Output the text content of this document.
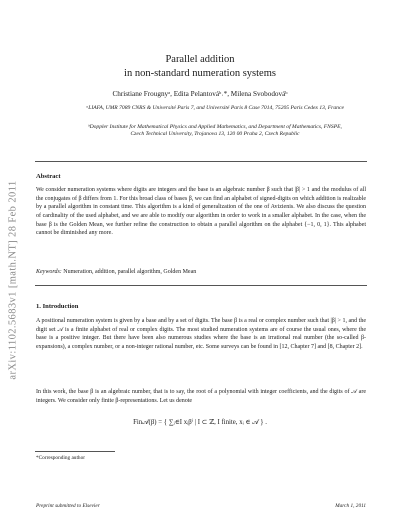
arXiv:1102.5683v1 [math.NT] 28 Feb 2011
Parallel addition
in non-standard numeration systems
Christiane Frougnyᵃ, Edita Pelantováᵇ˒*, Milena Svobodováᵇ
ᵃLIAFA, UMR 7089 CNRS & Université Paris 7, and Université Paris 8 Case 7014, 75205 Paris Cedex 13, France
ᵇDoppler Institute for Mathematical Physics and Applied Mathematics, and Department of Mathematics, FNSPE, Czech Technical University, Trojanova 13, 120 00 Praha 2, Czech Republic
Abstract
We consider numeration systems where digits are integers and the base is an algebraic number β such that |β| > 1 and the modulus of all the conjugates of β differs from 1. For this broad class of bases β, we can find an alphabet of signed-digits on which addition is realizable by a parallel algorithm in constant time. This algorithm is a kind of generalization of the one of Avizienis. We also discuss the question of cardinality of the used alphabet, and we are able to modify our algorithm in order to work in a smaller alphabet. In the case, when the base β is the Golden Mean, we further refine the construction to obtain a parallel algorithm on the alphabet {−1, 0, 1}. This alphabet cannot be diminished any more.
Keywords: Numeration, addition, parallel algorithm, Golden Mean
1. Introduction
A positional numeration system is given by a base and by a set of digits. The base β is a real or complex number such that |β| > 1, and the digit set 𝒜 is a finite alphabet of real or complex digits. The most studied numeration systems are of course the usual ones, where the base is a positive integer. But there have been also numerous studies where the base is an irrational real number (the so-called β-expansions), a complex number, or a non-integer rational number, etc. Some surveys can be found in [12, Chapter 7] and [8, Chapter 2].
In this work, the base β is an algebraic number, that is to say, the root of a polynomial with integer coefficients, and the digits of 𝒜 are integers. We consider only finite β-representations. Let us denote
Fin𝒜(β) = { ∑ᵢ∈I xᵢβⁱ | I ⊂ ℤ, I finite, xᵢ ∈ 𝒜 } .
*Corresponding author
Preprint submitted to Elsevier	March 1, 2011
